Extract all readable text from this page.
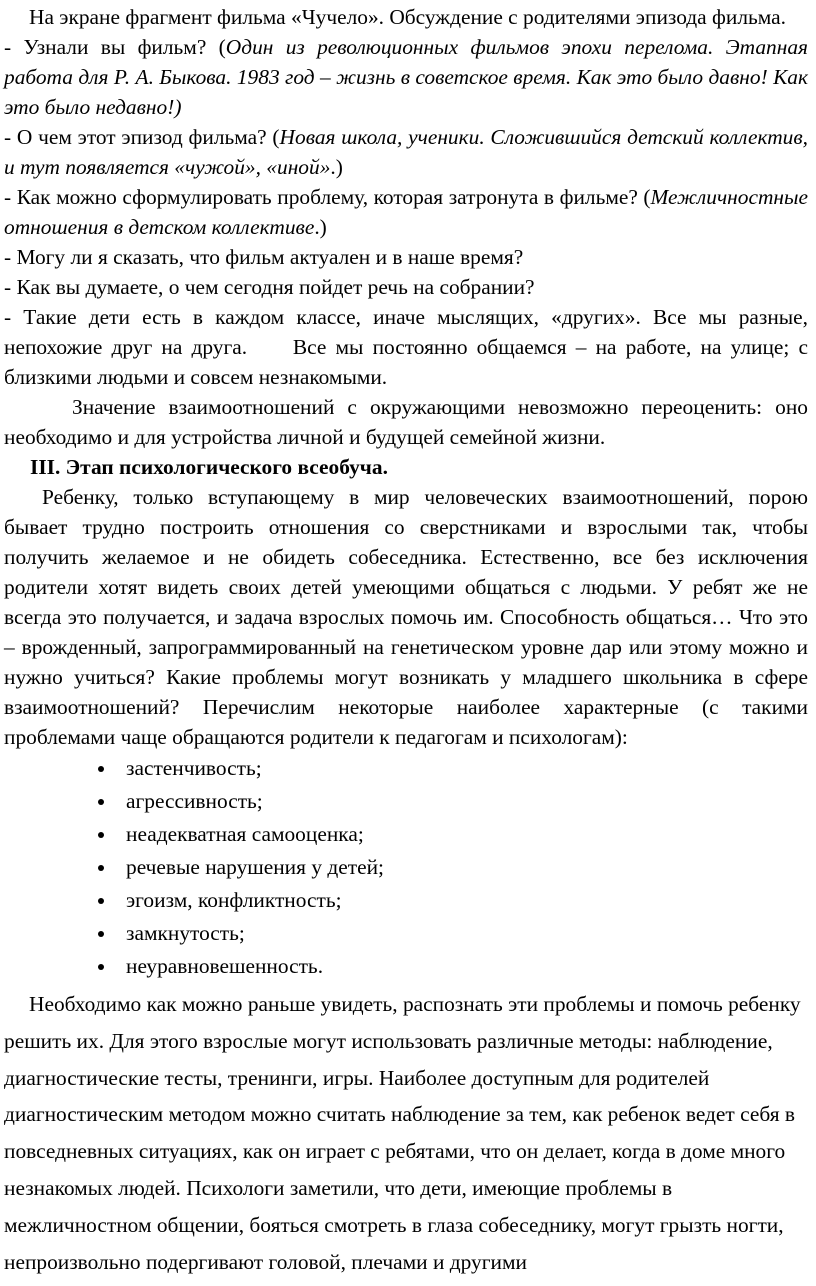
На экране фрагмент фильма «Чучело». Обсуждение с родителями эпизода фильма.

- Узнали вы фильм? (Один из революционных фильмов эпохи перелома. Этапная работа для Р. А. Быкова. 1983 год – жизнь в советское время. Как это было давно! Как это было недавно!)

- О чем этот эпизод фильма? (Новая школа, ученики. Сложившийся детский коллектив, и тут появляется «чужой», «иной».)

- Как можно сформулировать проблему, которая затронута в фильме? (Межличностные отношения в детском коллективе.)

- Могу ли я сказать, что фильм актуален и в наше время?

- Как вы думаете, о чем сегодня пойдет речь на собрании?

- Такие дети есть в каждом классе, иначе мыслящих, «других». Все мы разные, непохожие друг на друга.     Все мы постоянно общаемся – на работе, на улице; с близкими людьми и совсем незнакомыми.

Значение взаимоотношений с окружающими невозможно переоценить: оно необходимо и для устройства личной и будущей семейной жизни.

III. Этап психологического всеобуча.

Ребенку, только вступающему в мир человеческих взаимоотношений, порою бывает трудно построить отношения со сверстниками и взрослыми так, чтобы получить желаемое и не обидеть собеседника. Естественно, все без исключения родители хотят видеть своих детей умеющими общаться с людьми. У ребят же не всегда это получается, и задача взрослых помочь им. Способность общаться… Что это – врожденный, запрограммированный на генетическом уровне дар или этому можно и нужно учиться? Какие проблемы могут возникать у младшего школьника в сфере взаимоотношений? Перечислим некоторые наиболее характерные (с такими проблемами чаще обращаются родители к педагогам и психологам):

застенчивость;
агрессивность;
неадекватная самооценка;
речевые нарушения у детей;
эгоизм, конфликтность;
замкнутость;
неуравновешенность.

Необходимо как можно раньше увидеть, распознать эти проблемы и помочь ребенку решить их. Для этого взрослые могут использовать различные методы: наблюдение, диагностические тесты, тренинги, игры. Наиболее доступным для родителей диагностическим методом можно считать наблюдение за тем, как ребенок ведет себя в повседневных ситуациях, как он играет с ребятами, что он делает, когда в доме много незнакомых людей. Психологи заметили, что дети, имеющие проблемы в межличностном общении, бояться смотреть в глаза собеседнику, могут грызть ногти, непроизвольно подергивают головой, плечами и другими
